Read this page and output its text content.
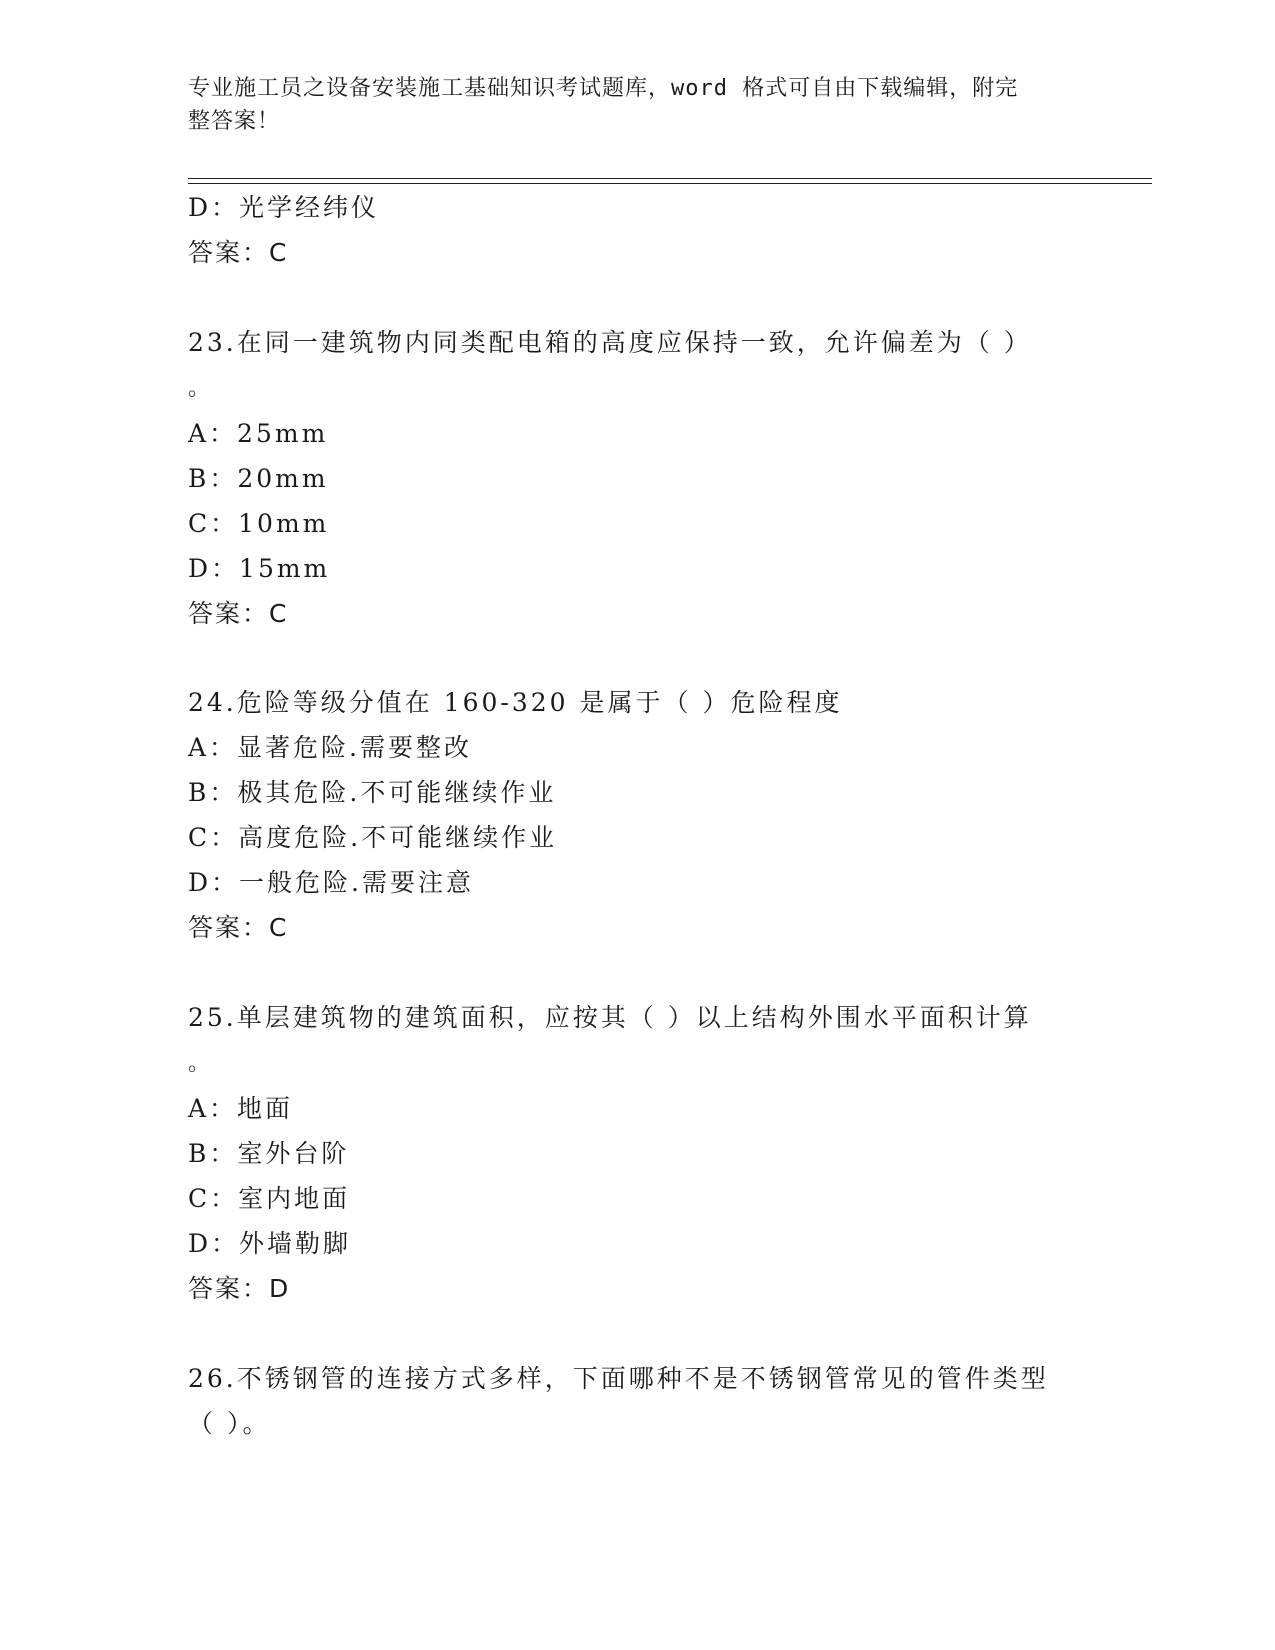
专业施工员之设备安装施工基础知识考试题库，word 格式可自由下载编辑，附完
整答案！
D：光学经纬仪
答案：C
23.在同一建筑物内同类配电箱的高度应保持一致，允许偏差为（ ）
。
A：25mm
B：20mm
C：10mm
D：15mm
答案：C
24.危险等级分值在 160-320 是属于（ ）危险程度
A：显著危险.需要整改
B：极其危险.不可能继续作业
C：高度危险.不可能继续作业
D：一般危险.需要注意
答案：C
25.单层建筑物的建筑面积，应按其（ ）以上结构外围水平面积计算
。
A：地面
B：室外台阶
C：室内地面
D：外墙勒脚
答案：D
26.不锈钢管的连接方式多样，下面哪种不是不锈钢管常见的管件类型
（ ）。
